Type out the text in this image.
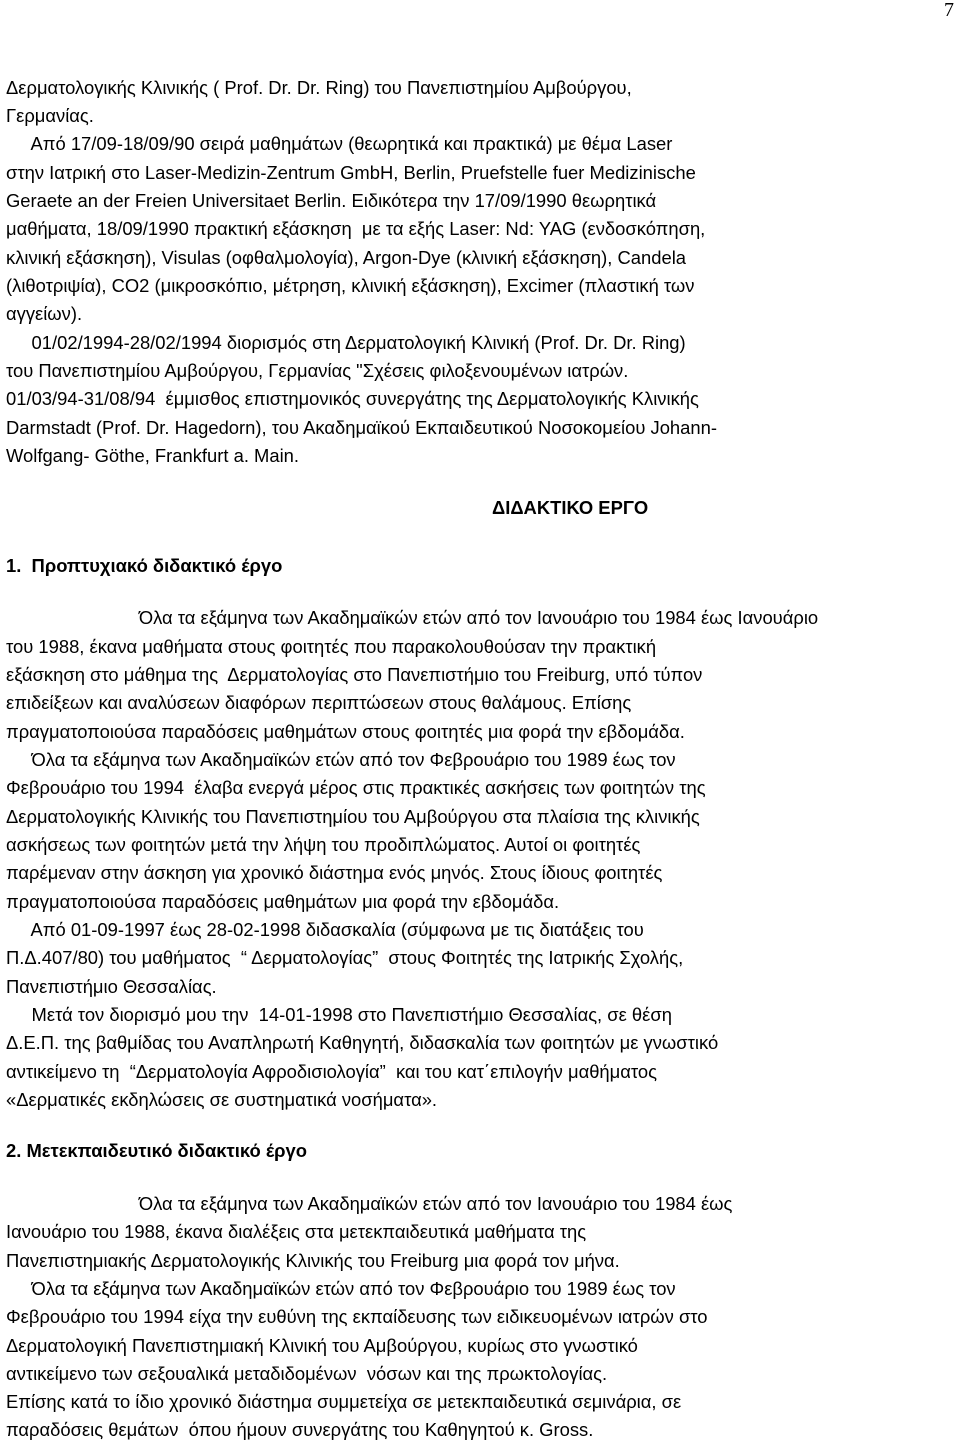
7
Δερματολογικής Κλινικής ( Prof. Dr. Dr. Ring) του Πανεπιστημίου Αμβούργου,
Γερμανίας.
Από 17/09-18/09/90 σειρά μαθημάτων (θεωρητικά και πρακτικά) με θέμα Laser
στην Ιατρική στο Laser-Medizin-Zentrum GmbH, Berlin, Pruefstelle fuer Medizinische
Geraete an der Freien Universitaet Berlin. Ειδικότερα την 17/09/1990 θεωρητικά
μαθήματα, 18/09/1990 πρακτική εξάσκηση  με τα εξής Laser: Nd: YAG (ενδοσκόπηση,
κλινική εξάσκηση), Visulas (οφθαλμολογία), Argon-Dye (κλινική εξάσκηση), Candela
(λιθοτριψία), CO2 (μικροσκόπιο, μέτρηση, κλινική εξάσκηση), Excimer (πλαστική των
αγγείων).
01/02/1994-28/02/1994 διορισμός στη Δερματολογική Κλινική (Prof. Dr. Dr. Ring)
του Πανεπιστημίου Αμβούργου, Γερμανίας "Σχέσεις φιλοξενουμένων ιατρών.
01/03/94-31/08/94  έμμισθος επιστημονικός συνεργάτης της Δερματολογικής Κλινικής
Darmstadt (Prof. Dr. Hagedorn), του Ακαδημαϊκού Εκπαιδευτικού Νοσοκομείου Johann-
Wolfgang- Göthe, Frankfurt a. Main.
ΔΙΔΑΚΤΙΚΟ ΕΡΓΟ
1.  Προπτυχιακό διδακτικό έργο
Όλα τα εξάμηνα των Ακαδημαϊκών ετών από τον Ιανουάριο του 1984 έως Ιανουάριο
του 1988, έκανα μαθήματα στους φοιτητές που παρακολουθούσαν την πρακτική
εξάσκηση στο μάθημα της  Δερματολογίας στο Πανεπιστήμιο του Freiburg, υπό τύπον
επιδείξεων και αναλύσεων διαφόρων περιπτώσεων στους θαλάμους. Επίσης
πραγματοποιούσα παραδόσεις μαθημάτων στους φοιτητές μια φορά την εβδομάδα.
Όλα τα εξάμηνα των Ακαδημαϊκών ετών από τον Φεβρουάριο του 1989 έως τον
Φεβρουάριο του 1994  έλαβα ενεργά μέρος στις πρακτικές ασκήσεις των φοιτητών της
Δερματολογικής Κλινικής του Πανεπιστημίου του Αμβούργου στα πλαίσια της κλινικής
ασκήσεως των φοιτητών μετά την λήψη του προδιπλώματος. Αυτοί οι φοιτητές
παρέμεναν στην άσκηση για χρονικό διάστημα ενός μηνός. Στους ίδιους φοιτητές
πραγματοποιούσα παραδόσεις μαθημάτων μια φορά την εβδομάδα.
Από 01-09-1997 έως 28-02-1998 διδασκαλία (σύμφωνα με τις διατάξεις του
Π.Δ.407/80) του μαθήματος  “ Δερματολογίας”  στους Φοιτητές της Ιατρικής Σχολής,
Πανεπιστήμιο Θεσσαλίας.
Μετά τον διορισμό μου την  14-01-1998 στο Πανεπιστήμιο Θεσσαλίας, σε θέση
Δ.Ε.Π. της βαθμίδας του Αναπληρωτή Καθηγητή, διδασκαλία των φοιτητών με γνωστικό
αντικείμενο τη  “Δερματολογία Αφροδισιολογία”  και του κατ΄επιλογήν μαθήματος
«Δερματικές εκδηλώσεις σε συστηματικά νοσήματα».
2. Μετεκπαιδευτικό διδακτικό έργο
Όλα τα εξάμηνα των Ακαδημαϊκών ετών από τον Ιανουάριο του 1984 έως
Ιανουάριο του 1988, έκανα διαλέξεις στα μετεκπαιδευτικά μαθήματα της
Πανεπιστημιακής Δερματολογικής Κλινικής του Freiburg μια φορά τον μήνα.
Όλα τα εξάμηνα των Ακαδημαϊκών ετών από τον Φεβρουάριο του 1989 έως τον
Φεβρουάριο του 1994 είχα την ευθύνη της εκπαίδευσης των ειδικευομένων ιατρών στο
Δερματολογική Πανεπιστημιακή Κλινική του Αμβούργου, κυρίως στο γνωστικό
αντικείμενο των σεξουαλικά μεταδιδομένων  νόσων και της πρωκτολογίας.
Επίσης κατά το ίδιο χρονικό διάστημα συμμετείχα σε μετεκπαιδευτικά σεμινάρια, σε
παραδόσεις θεμάτων  όπου ήμουν συνεργάτης του Καθηγητού κ. Gross.
